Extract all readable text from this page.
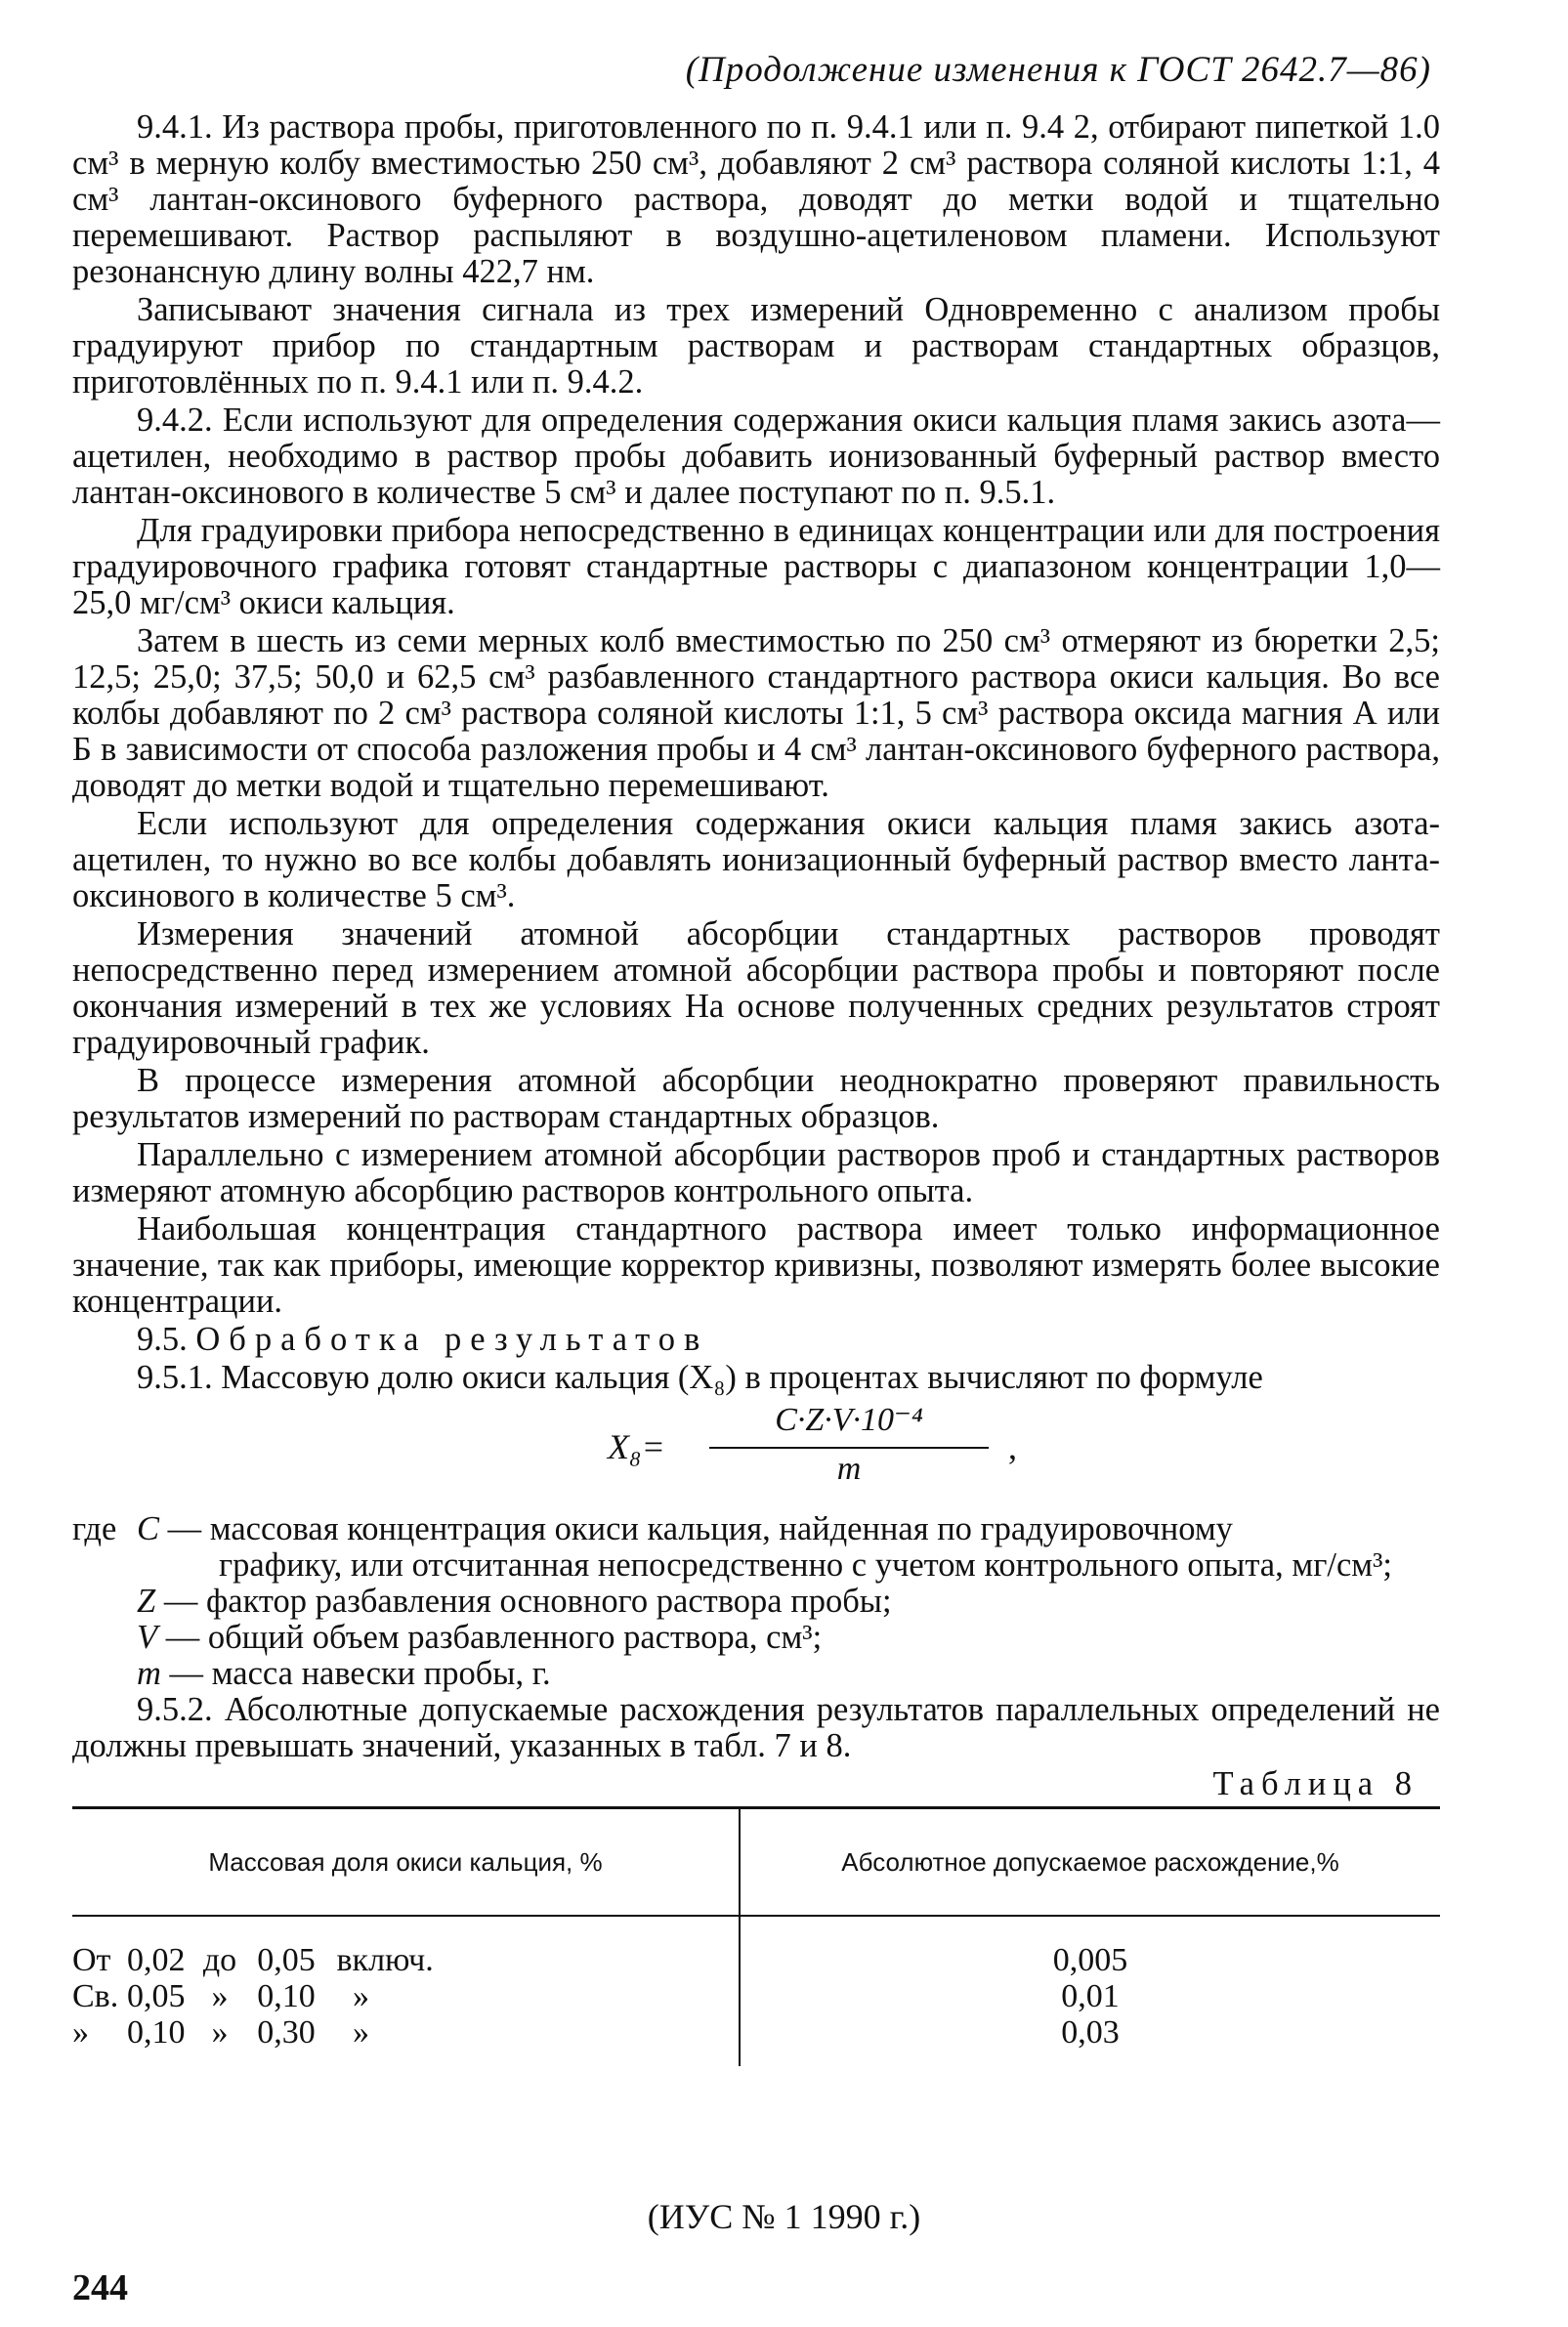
(Продолжение изменения к ГОСТ 2642.7—86)

9.4.1. Из раствора пробы, приготовленного по п. 9.4.1 или п. 9.4 2, отбирают пипеткой 1.0 см³ в мерную колбу вместимостью 250 см³, добавляют 2 см³ раствора соляной кислоты 1:1, 4 см³ лантан-оксинового буферного раствора, доводят до метки водой и тщательно перемешивают. Раствор распыляют в воздушно-ацетиленовом пламени. Используют резонансную длину волны 422,7 нм.

Записывают значения сигнала из трех измерений Одновременно с анализом пробы градуируют прибор по стандартным растворам и растворам стандартных образцов, приготовлённых по п. 9.4.1 или п. 9.4.2.

9.4.2. Если используют для определения содержания окиси кальция пламя закись азота—ацетилен, необходимо в раствор пробы добавить ионизованный буферный раствор вместо лантан-оксинового в количестве 5 см³ и далее поступают по п. 9.5.1.

Для градуировки прибора непосредственно в единицах концентрации или для построения градуировочного графика готовят стандартные растворы с диапазоном концентрации 1,0—25,0 мг/см³ окиси кальция.

Затем в шесть из семи мерных колб вместимостью по 250 см³ отмеряют из бюретки 2,5; 12,5; 25,0; 37,5; 50,0 и 62,5 см³ разбавленного стандартного раствора окиси кальция. Во все колбы добавляют по 2 см³ раствора соляной кислоты 1:1, 5 см³ раствора оксида магния А или Б в зависимости от способа разложения пробы и 4 см³ лантан-оксинового буферного раствора, доводят до метки водой и тщательно перемешивают.

Если используют для определения содержания окиси кальция пламя закись азота-ацетилен, то нужно во все колбы добавлять ионизационный буферный раствор вместо ланта-оксинового в количестве 5 см³.

Измерения значений атомной абсорбции стандартных растворов проводят непосредственно перед измерением атомной абсорбции раствора пробы и повторяют после окончания измерений в тех же условиях На основе полученных средних результатов строят градуировочный график.

В процессе измерения атомной абсорбции неоднократно проверяют правильность результатов измерений по растворам стандартных образцов.

Параллельно с измерением атомной абсорбции растворов проб и стандартных растворов измеряют атомную абсорбцию растворов контрольного опыта.

Наибольшая концентрация стандартного раствора имеет только информационное значение, так как приборы, имеющие корректор кривизны, позволяют измерять более высокие концентрации.

9.5. Обработка результатов

9.5.1. Массовую долю окиси кальция (X₈) в процентах вычисляют по формуле

X₈=
C·Z·V·10⁻⁴
m
,
где C — массовая концентрация окиси кальция, найденная по градуировочному
графику, или отсчитанная непосредственно с учетом контрольного опыта, мг/см³;
Z — фактор разбавления основного раствора пробы;
V — общий объем разбавленного раствора, см³;
m — масса навески пробы, г.

9.5.2. Абсолютные допускаемые расхождения результатов параллельных определений не должны превышать значений, указанных в табл. 7 и 8.

Таблица 8
Массовая доля окиси кальция, %	Абсолютное допускаемое расхождение,%
От 0,02 до 0,05 включ.	0,005
Св. 0,05 » 0,10 »	0,01
» 0,10 » 0,30 »	0,03
(ИУС № 1 1990 г.)
244
